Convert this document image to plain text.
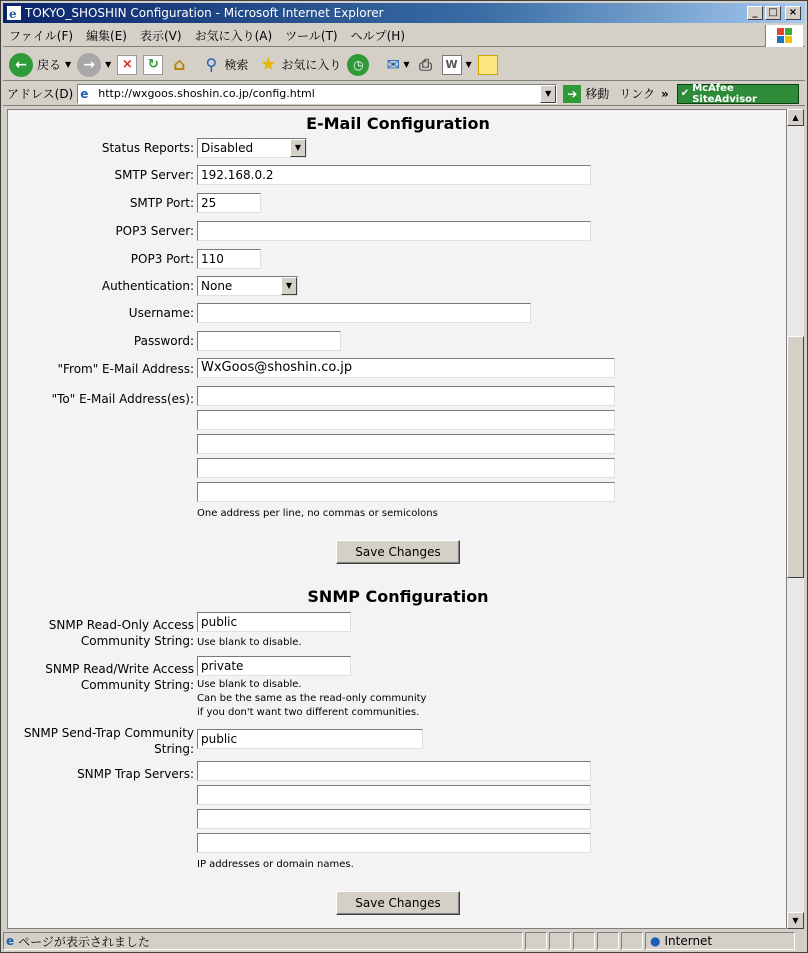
e TOKYO_SHOSHIN Configuration - Microsoft Internet Explorer	_	□	×
ファイル(F) 編集(E) 表示(V) お気に入り(A) ツール(T) ヘルプ(H)
← 戻る ▼ →	▼ ×	↻ ⌂ ⚲ 検索 ★ お気に入り ◷	✉ ▼ ⎙	W ▼
アドレス(D) e http://wxgoos.shoshin.co.jp/config.html	▼	➔ 移動 リンク » ✔ McAfee SiteAdvisor
E-Mail Configuration
Status Reports: Disabled	▼
SMTP Server: 192.168.0.2
SMTP Port: 25
POP3 Server:
POP3 Port: 110
Authentication: None	▼
Username:
Password:
"From" E-Mail Address: WxGoos@shoshin.co.jp
"To" E-Mail Address(es):
One address per line, no commas or semicolons
Save Changes
SNMP Configuration
SNMP Read-Only Access
Community String:
public
Use blank to disable.
SNMP Read/Write Access
Community String:
private
Use blank to disable.
Can be the same as the read-only community
if you don't want two different communities.
SNMP Send-Trap Community
String:
public
SNMP Trap Servers:
IP addresses or domain names.
Save Changes
▲
▼
e ページが表示されました	● Internet
